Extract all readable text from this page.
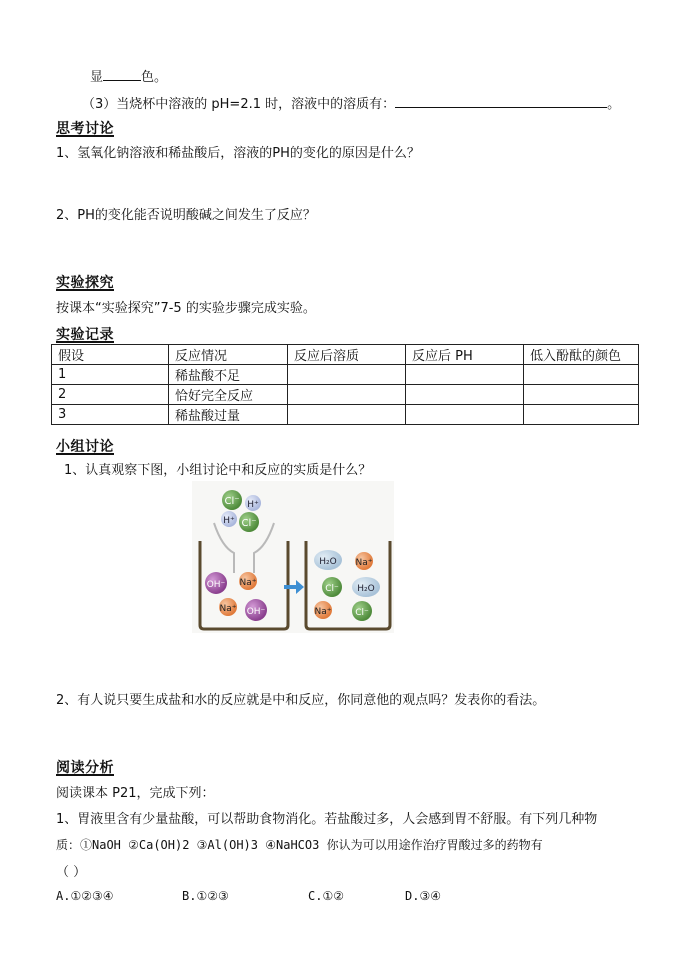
显	色。
（3）当烧杯中溶液的 pH=2.1 时，溶液中的溶质有：	。
思考讨论
1、氢氧化钠溶液和稀盐酸后，溶液的PH的变化的原因是什么？
2、PH的变化能否说明酸碱之间发生了反应？
实验探究
按课本“实验探究”7-5 的实验步骤完成实验。
实验记录
假设	反应情况	反应后溶质	反应后 PH	低入酚酞的颜色
1	稀盐酸不足			
2	恰好完全反应			
3	稀盐酸过量			
小组讨论
1、认真观察下图，小组讨论中和反应的实质是什么？
Cl⁻ H⁺
H⁺ Cl⁻
OH⁻ Na⁺
Na⁺ OH⁻
H₂O Na⁺
Cl⁻ H₂O
Na⁺	Cl⁻
2、有人说只要生成盐和水的反应就是中和反应，你同意他的观点吗？发表你的看法。
阅读分析
阅读课本 P21，完成下列：
1、胃液里含有少量盐酸，可以帮助食物消化。若盐酸过多，人会感到胃不舒服。有下列几种物
质：①NaOH ②Ca(OH)2 ③Al(OH)3 ④NaHCO3 你认为可以用途作治疗胃酸过多的药物有
（ ）
A.①②③④	B.①②③	C.①②	D.③④
